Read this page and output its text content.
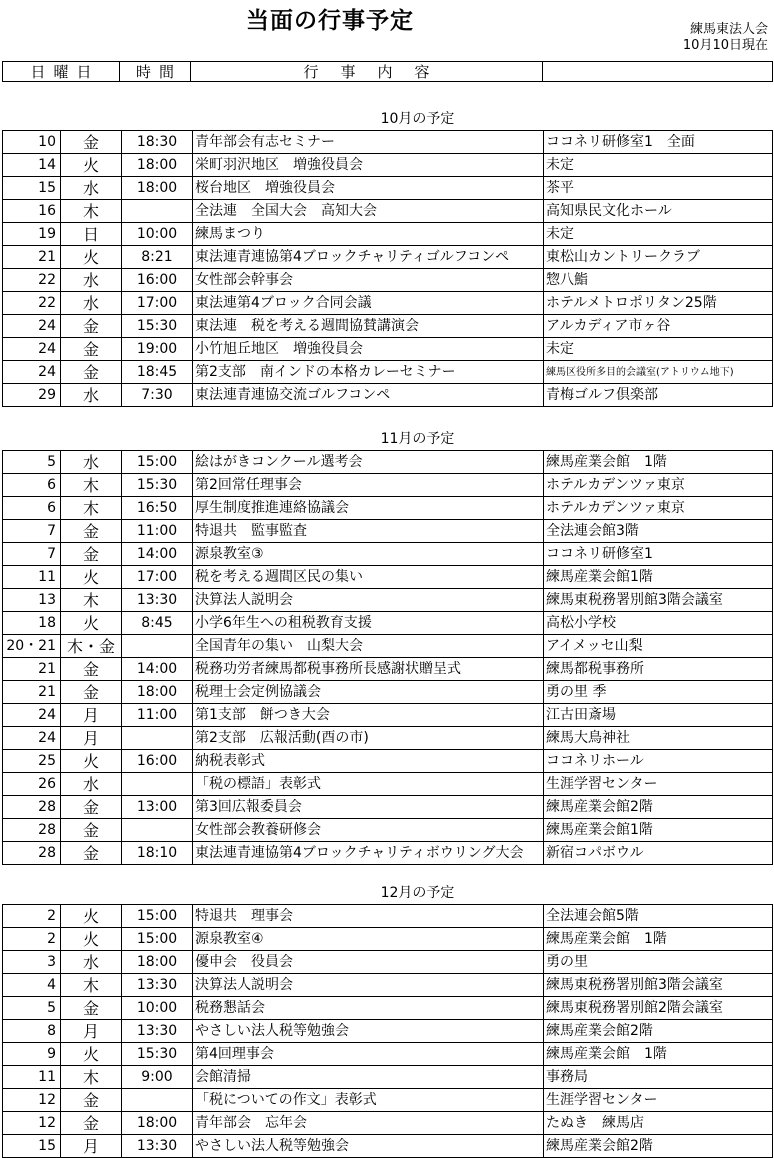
当面の行事予定	練馬東法人会
10月10日現在
日曜日	時間	行事内容
10月の予定
10	金	18:30	青年部会有志セミナー	ココネリ研修室1　全面
14	火	18:00	栄町羽沢地区　増強役員会	未定
15	水	18:00	桜台地区　増強役員会	茶平
16	木		全法連　全国大会　高知大会	高知県民文化ホール
19	日	10:00	練馬まつり	未定
21	火	8:21	東法連青連協第4ブロックチャリティゴルフコンペ	東松山カントリークラブ
22	水	16:00	女性部会幹事会	惣八鮨
22	水	17:00	東法連第4ブロック合同会議	ホテルメトロポリタン25階
24	金	15:30	東法連　税を考える週間協賛講演会	アルカディア市ヶ谷
24	金	19:00	小竹旭丘地区　増強役員会	未定
24	金	18:45	第2支部　南インドの本格カレーセミナー	練馬区役所多目的会議室(アトリウム地下)
29	水	7:30	東法連青連協交流ゴルフコンペ	青梅ゴルフ倶楽部
11月の予定
5	水	15:00	絵はがきコンクール選考会	練馬産業会館　1階
6	木	15:30	第2回常任理事会	ホテルカデンツァ東京
6	木	16:50	厚生制度推進連絡協議会	ホテルカデンツァ東京
7	金	11:00	特退共　監事監査	全法連会館3階
7	金	14:00	源泉教室③	ココネリ研修室1
11	火	17:00	税を考える週間区民の集い	練馬産業会館1階
13	木	13:30	決算法人説明会	練馬東税務署別館3階会議室
18	火	8:45	小学6年生への租税教育支援	高松小学校
20・21	木・金		全国青年の集い　山梨大会	アイメッセ山梨
21	金	14:00	税務功労者練馬都税事務所長感謝状贈呈式	練馬都税事務所
21	金	18:00	税理士会定例協議会	勇の里 季
24	月	11:00	第1支部　餅つき大会	江古田斎場
24	月		第2支部　広報活動(酉の市)	練馬大鳥神社
25	火	16:00	納税表彰式	ココネリホール
26	水		「税の標語」表彰式	生涯学習センター
28	金	13:00	第3回広報委員会	練馬産業会館2階
28	金		女性部会教養研修会	練馬産業会館1階
28	金	18:10	東法連青連協第4ブロックチャリティボウリング大会	新宿コパボウル
12月の予定
2	火	15:00	特退共　理事会	全法連会館5階
2	火	15:00	源泉教室④	練馬産業会館　1階
3	水	18:00	優申会　役員会	勇の里
4	木	13:30	決算法人説明会	練馬東税務署別館3階会議室
5	金	10:00	税務懇話会	練馬東税務署別館2階会議室
8	月	13:30	やさしい法人税等勉強会	練馬産業会館2階
9	火	15:30	第4回理事会	練馬産業会館　1階
11	木	9:00	会館清掃	事務局
12	金		「税についての作文」表彰式	生涯学習センター
12	金	18:00	青年部会　忘年会	たぬき　練馬店
15	月	13:30	やさしい法人税等勉強会	練馬産業会館2階
